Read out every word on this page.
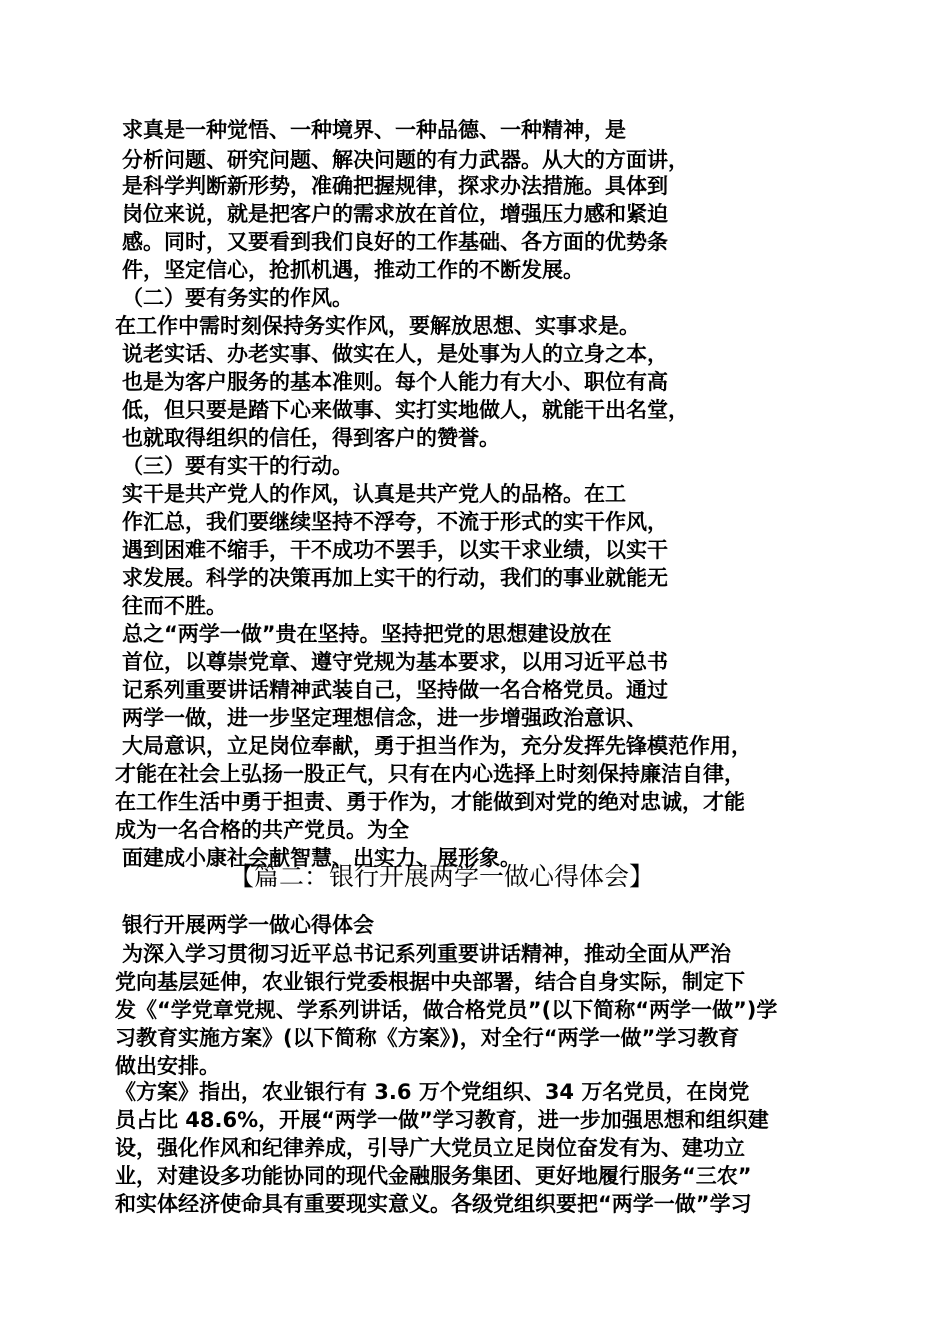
求真是一种觉悟、一种境界、一种品德、一种精神，是
分析问题、研究问题、解决问题的有力武器。从大的方面讲，
是科学判断新形势，准确把握规律，探求办法措施。具体到
岗位来说，就是把客户的需求放在首位，增强压力感和紧迫
感。同时，又要看到我们良好的工作基础、各方面的优势条
件，坚定信心，抢抓机遇，推动工作的不断发展。
（二）要有务实的作风。
在工作中需时刻保持务实作风，要解放思想、实事求是。
说老实话、办老实事、做实在人，是处事为人的立身之本，
也是为客户服务的基本准则。每个人能力有大小、职位有高
低，但只要是踏下心来做事、实打实地做人，就能干出名堂，
也就取得组织的信任，得到客户的赞誉。
（三）要有实干的行动。
实干是共产党人的作风，认真是共产党人的品格。在工
作汇总，我们要继续坚持不浮夸，不流于形式的实干作风，
遇到困难不缩手，干不成功不罢手，以实干求业绩，以实干
求发展。科学的决策再加上实干的行动，我们的事业就能无
往而不胜。
总之“两学一做”贵在坚持。坚持把党的思想建设放在
首位，以尊崇党章、遵守党规为基本要求，以用习近平总书
记系列重要讲话精神武装自己，坚持做一名合格党员。通过
两学一做，进一步坚定理想信念，进一步增强政治意识、
大局意识，立足岗位奉献，勇于担当作为，充分发挥先锋模范作用，
才能在社会上弘扬一股正气，只有在内心选择上时刻保持廉洁自律，
在工作生活中勇于担责、勇于作为，才能做到对党的绝对忠诚，才能
成为一名合格的共产党员。为全
面建成小康社会献智慧、出实力、展形象。
【篇二：银行开展两学一做心得体会】
银行开展两学一做心得体会
为深入学习贯彻习近平总书记系列重要讲话精神，推动全面从严治
党向基层延伸，农业银行党委根据中央部署，结合自身实际，制定下
发《“学党章党规、学系列讲话，做合格党员”(以下简称“两学一做”)学
习教育实施方案》(以下简称《方案》)，对全行“两学一做”学习教育
做出安排。
《方案》指出，农业银行有 3.6 万个党组织、34 万名党员，在岗党
员占比 48.6%，开展“两学一做”学习教育，进一步加强思想和组织建
设，强化作风和纪律养成，引导广大党员立足岗位奋发有为、建功立
业，对建设多功能协同的现代金融服务集团、更好地履行服务“三农”
和实体经济使命具有重要现实意义。各级党组织要把“两学一做”学习
